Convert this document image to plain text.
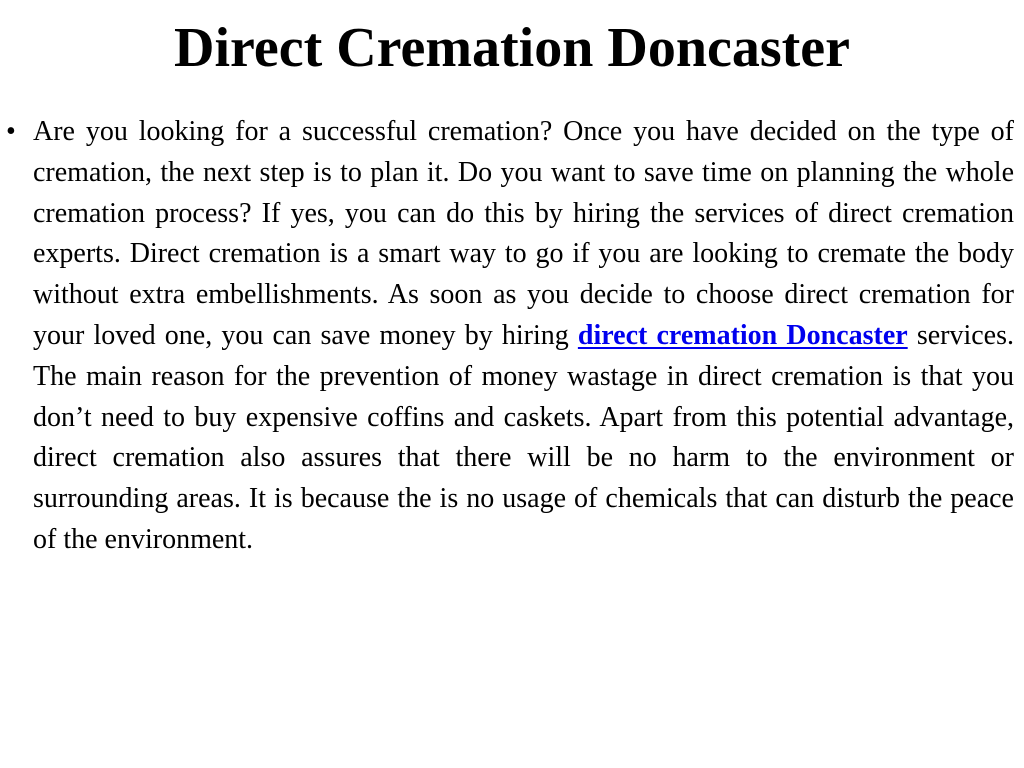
Direct Cremation Doncaster
• Are you looking for a successful cremation? Once you have decided on the type of cremation, the next step is to plan it. Do you want to save time on planning the whole cremation process? If yes, you can do this by hiring the services of direct cremation experts. Direct cremation is a smart way to go if you are looking to cremate the body without extra embellishments. As soon as you decide to choose direct cremation for your loved one, you can save money by hiring direct cremation Doncaster services. The main reason for the prevention of money wastage in direct cremation is that you don’t need to buy expensive coffins and caskets. Apart from this potential advantage, direct cremation also assures that there will be no harm to the environment or surrounding areas. It is because the is no usage of chemicals that can disturb the peace of the environment.
